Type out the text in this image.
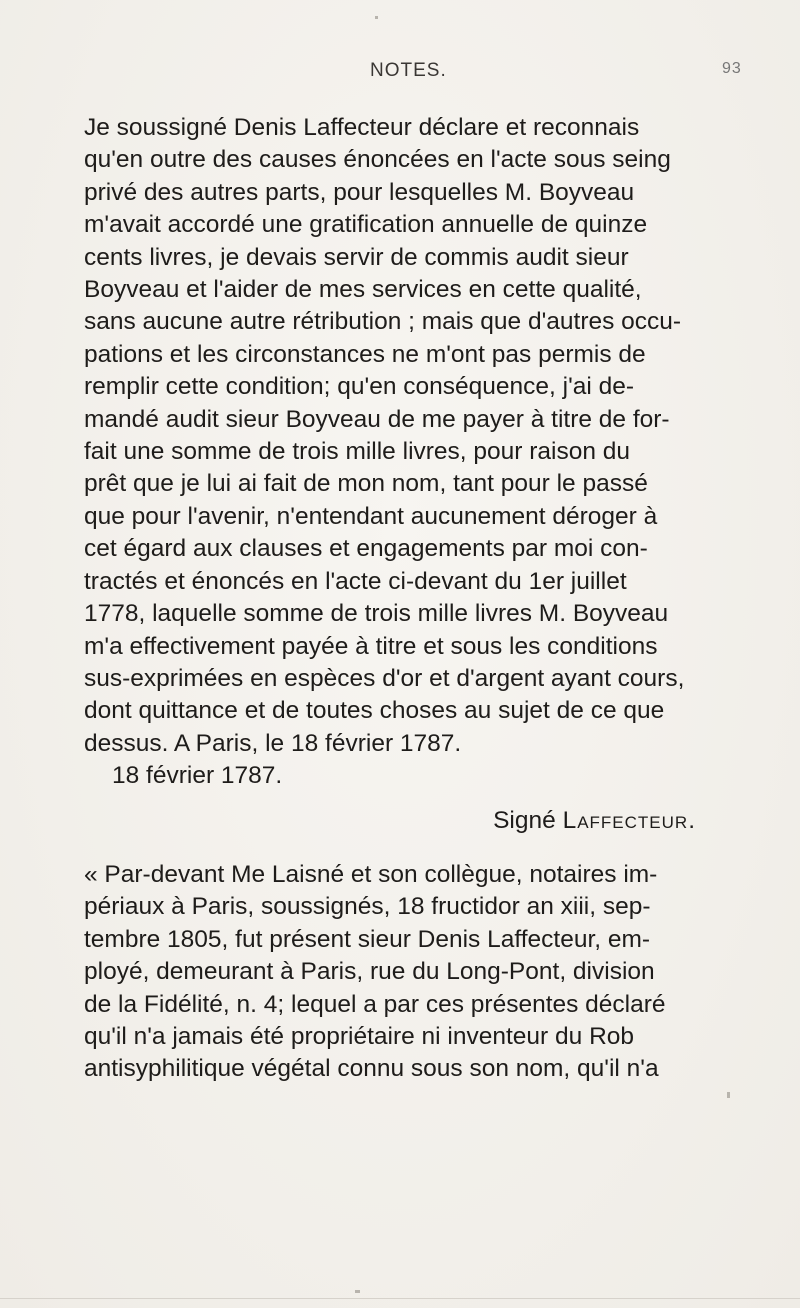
NOTES.	93
Je soussigné Denis Laffecteur déclare et reconnais
qu'en outre des causes énoncées en l'acte sous seing
privé des autres parts, pour lesquelles M. Boyveau
m'avait accordé une gratification annuelle de quinze
cents livres, je devais servir de commis audit sieur
Boyveau et l'aider de mes services en cette qualité,
sans aucune autre rétribution ; mais que d'autres occu-
pations et les circonstances ne m'ont pas permis de
remplir cette condition; qu'en conséquence, j'ai de-
mandé audit sieur Boyveau de me payer à titre de for-
fait une somme de trois mille livres, pour raison du
prêt que je lui ai fait de mon nom, tant pour le passé
que pour l'avenir, n'entendant aucunement déroger à
cet égard aux clauses et engagements par moi con-
tractés et énoncés en l'acte ci-devant du 1er juillet
1778, laquelle somme de trois mille livres M. Boyveau
m'a effectivement payée à titre et sous les conditions
sus-exprimées en espèces d'or et d'argent ayant cours,
dont quittance et de toutes choses au sujet de ce que
dessus. A Paris, le 18 février 1787.
18 février 1787.
Signé Laffecteur.
« Par-devant Me Laisné et son collègue, notaires im-
périaux à Paris, soussignés, 18 fructidor an xiii, sep-
tembre 1805, fut présent sieur Denis Laffecteur, em-
ployé, demeurant à Paris, rue du Long-Pont, division
de la Fidélité, n. 4; lequel a par ces présentes déclaré
qu'il n'a jamais été propriétaire ni inventeur du Rob
antisyphilitique végétal connu sous son nom, qu'il n'a
